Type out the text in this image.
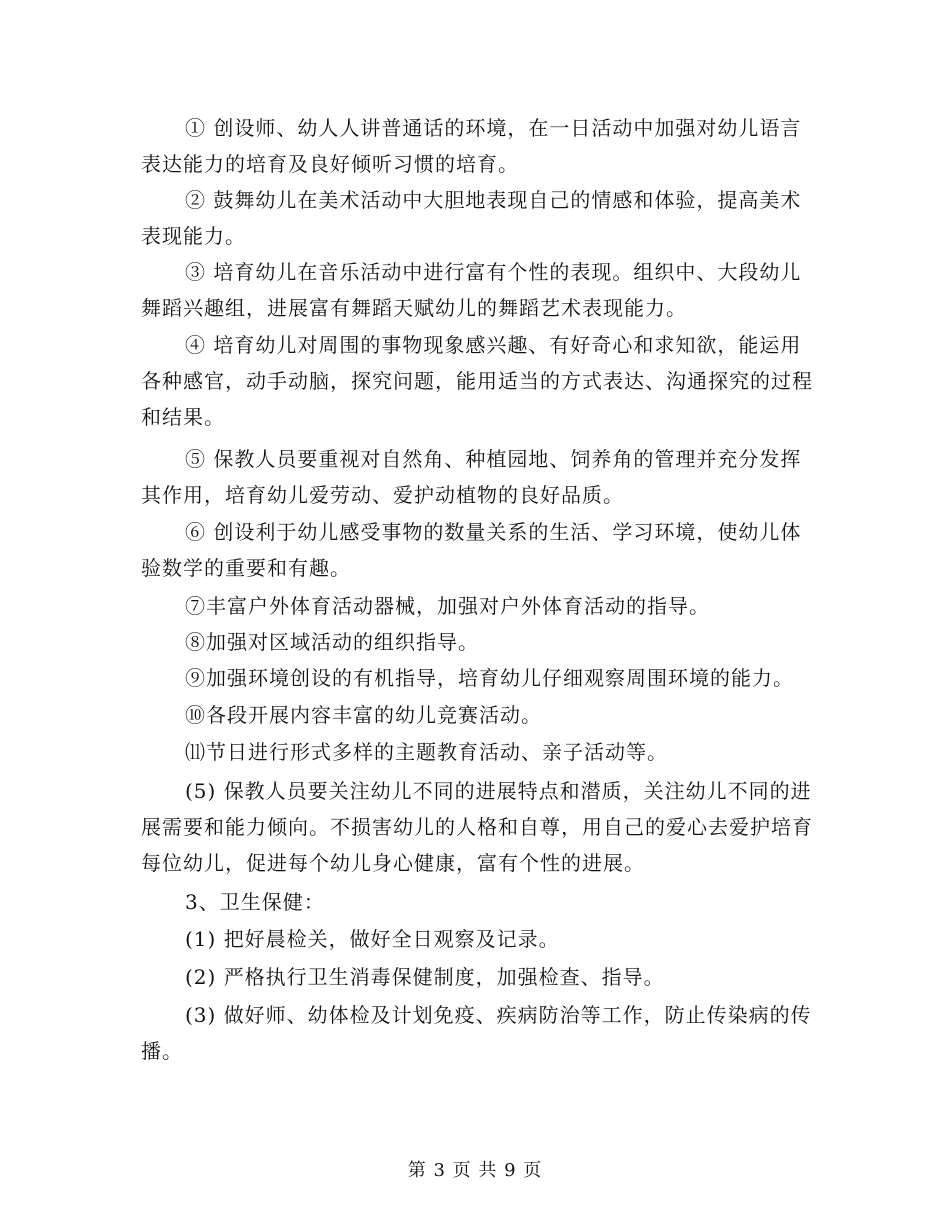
① 创设师、幼人人讲普通话的环境，在一日活动中加强对幼儿语言表达能力的培育及良好倾听习惯的培育。

② 鼓舞幼儿在美术活动中大胆地表现自己的情感和体验，提高美术表现能力。

③ 培育幼儿在音乐活动中进行富有个性的表现。组织中、大段幼儿舞蹈兴趣组，进展富有舞蹈天赋幼儿的舞蹈艺术表现能力。

④ 培育幼儿对周围的事物现象感兴趣、有好奇心和求知欲，能运用各种感官，动手动脑，探究问题，能用适当的方式表达、沟通探究的过程和结果。

⑤ 保教人员要重视对自然角、种植园地、饲养角的管理并充分发挥其作用，培育幼儿爱劳动、爱护动植物的良好品质。

⑥ 创设利于幼儿感受事物的数量关系的生活、学习环境，使幼儿体验数学的重要和有趣。

⑦丰富户外体育活动器械，加强对户外体育活动的指导。

⑧加强对区域活动的组织指导。

⑨加强环境创设的有机指导，培育幼儿仔细观察周围环境的能力。

⑩各段开展内容丰富的幼儿竞赛活动。

⑾节日进行形式多样的主题教育活动、亲子活动等。

(5) 保教人员要关注幼儿不同的进展特点和潜质，关注幼儿不同的进展需要和能力倾向。不损害幼儿的人格和自尊，用自己的爱心去爱护培育每位幼儿，促进每个幼儿身心健康，富有个性的进展。

3、卫生保健：

(1) 把好晨检关，做好全日观察及记录。

(2) 严格执行卫生消毒保健制度，加强检查、指导。

(3) 做好师、幼体检及计划免疫、疾病防治等工作，防止传染病的传播。

第 3 页 共 9 页
